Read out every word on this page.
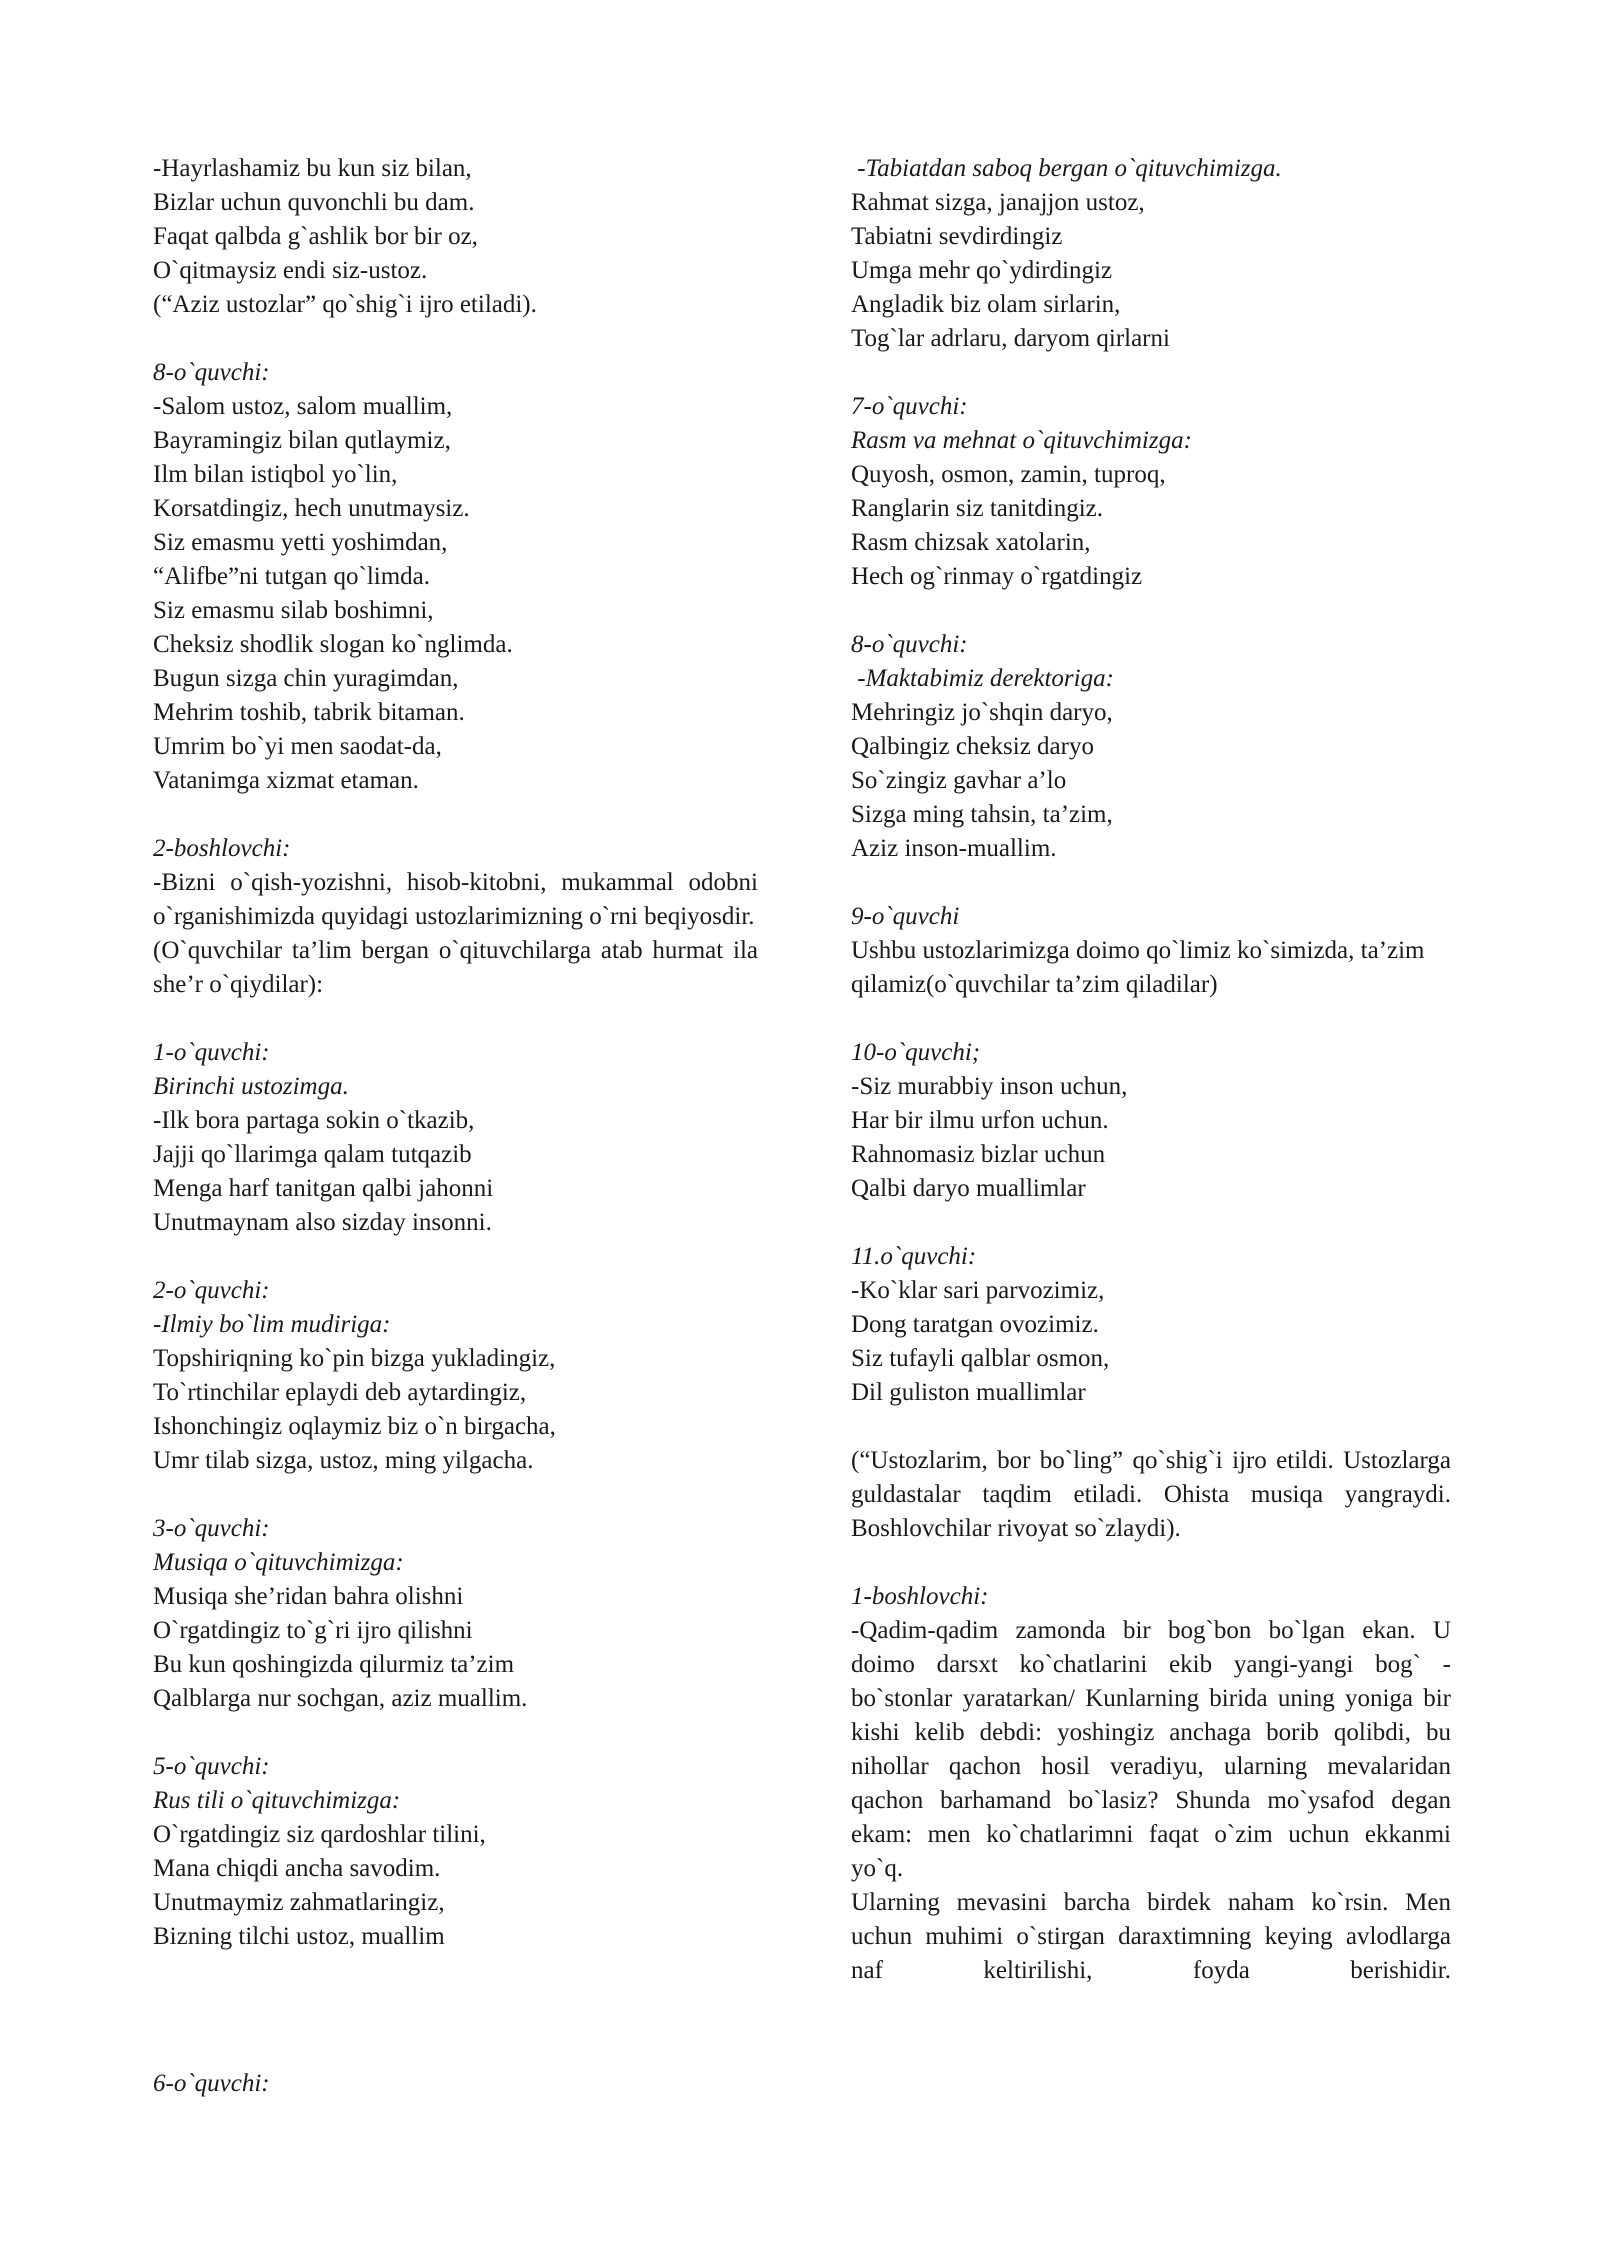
-Hayrlashamiz bu kun siz bilan,

Bizlar uchun quvonchli bu dam.

Faqat qalbda g`ashlik bor bir oz,

O`qitmaysiz endi siz-ustoz.

(“Aziz ustozlar” qo`shig`i ijro etiladi).

8-o`quvchi:

-Salom ustoz, salom muallim,

Bayramingiz bilan qutlaymiz,

Ilm bilan istiqbol yo`lin,

Korsatdingiz, hech unutmaysiz.

Siz emasmu yetti yoshimdan,

“Alifbe”ni tutgan qo`limda.

Siz emasmu silab boshimni,

Cheksiz shodlik slogan ko`nglimda.

Bugun sizga chin yuragimdan,

Mehrim toshib, tabrik bitaman.

Umrim bo`yi men saodat-da,

Vatanimga xizmat etaman.

2-boshlovchi:

-Bizni o`qish-yozishni, hisob-kitobni, mukammal odobni o`rganishimizda quyidagi ustozlarimizning o`rni beqiyosdir.

(O`quvchilar ta’lim bergan o`qituvchilarga atab hurmat ila she’r o`qiydilar):

1-o`quvchi:

Birinchi ustozimga.

-Ilk bora partaga sokin o`tkazib,

Jajji qo`llarimga qalam tutqazib

Menga harf tanitgan qalbi jahonni

Unutmaynam also sizday insonni.

2-o`quvchi:

-Ilmiy bo`lim mudiriga:

Topshiriqning ko`pin bizga yukladingiz,

To`rtinchilar eplaydi deb aytardingiz,

Ishonchingiz oqlaymiz biz o`n birgacha,

Umr tilab sizga, ustoz, ming yilgacha.

3-o`quvchi:

Musiqa o`qituvchimizga:

Musiqa she’ridan bahra olishni

O`rgatdingiz to`g`ri ijro qilishni

Bu kun qoshingizda qilurmiz ta’zim

Qalblarga nur sochgan, aziz muallim.

5-o`quvchi:

Rus tili o`qituvchimizga:

O`rgatdingiz siz qardoshlar tilini,

Mana chiqdi ancha savodim.

Unutmaymiz zahmatlaringiz,

Bizning tilchi ustoz, muallim

6-o`quvchi:

-Tabiatdan saboq bergan o`qituvchimizga.

Rahmat sizga, janajjon ustoz,

Tabiatni sevdirdingiz

Umga mehr qo`ydirdingiz

Angladik biz olam sirlarin,

Tog`lar adrlaru, daryom qirlarni

7-o`quvchi:

Rasm va mehnat o`qituvchimizga:

Quyosh, osmon, zamin, tuproq,

Ranglarin siz tanitdingiz.

Rasm chizsak xatolarin,

Hech og`rinmay o`rgatdingiz

8-o`quvchi:

-Maktabimiz derektoriga:

Mehringiz jo`shqin daryo,

Qalbingiz cheksiz daryo

So`zingiz gavhar a’lo

Sizga ming tahsin, ta’zim,

Aziz inson-muallim.

9-o`quvchi

Ushbu ustozlarimizga doimo qo`limiz ko`simizda, ta’zim qilamiz(o`quvchilar ta’zim qiladilar)

10-o`quvchi;

-Siz murabbiy inson uchun,

Har bir ilmu urfon uchun.

Rahnomasiz bizlar uchun

Qalbi daryo muallimlar

11.o`quvchi:

-Ko`klar sari parvozimiz,

Dong taratgan ovozimiz.

Siz tufayli qalblar osmon,

Dil guliston muallimlar

(“Ustozlarim, bor bo`ling” qo`shig`i ijro etildi. Ustozlarga guldastalar taqdim etiladi. Ohista musiqa yangraydi. Boshlovchilar rivoyat so`zlaydi).

1-boshlovchi:

-Qadim-qadim zamonda bir bog`bon bo`lgan ekan. U doimo darsxt ko`chatlarini ekib yangi-yangi bog` -bo`stonlar yaratarkan/ Kunlarning birida uning yoniga bir kishi kelib debdi: yoshingiz anchaga borib qolibdi, bu nihollar qachon hosil veradiyu, ularning mevalaridan qachon barhamand bo`lasiz? Shunda mo`ysafod degan ekam: men ko`chatlarimni faqat o`zim uchun ekkanmi yo`q.

Ularning mevasini barcha birdek naham ko`rsin. Men uchun muhimi o`stirgan daraxtimning keying avlodlarga naf keltirilishi, foyda berishidir.
